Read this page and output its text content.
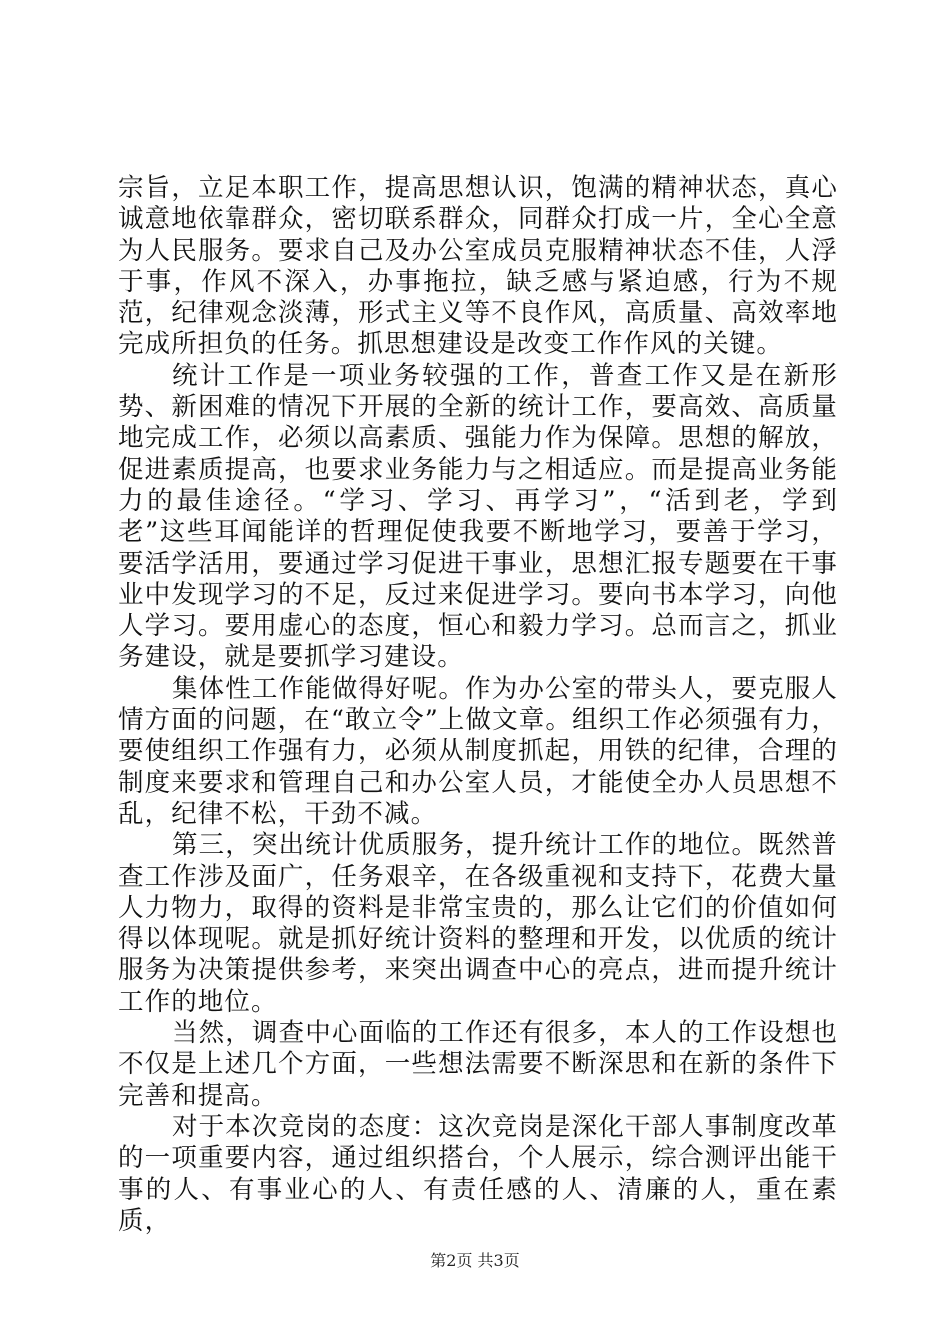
宗旨，立足本职工作，提高思想认识，饱满的精神状态，真心诚意地依靠群众，密切联系群众，同群众打成一片，全心全意为人民服务。要求自己及办公室成员克服精神状态不佳，人浮于事，作风不深入，办事拖拉，缺乏感与紧迫感，行为不规范，纪律观念淡薄，形式主义等不良作风，高质量、高效率地完成所担负的任务。抓思想建设是改变工作作风的关键。

统计工作是一项业务较强的工作，普查工作又是在新形势、新困难的情况下开展的全新的统计工作，要高效、高质量地完成工作，必须以高素质、强能力作为保障。思想的解放，促进素质提高，也要求业务能力与之相适应。而是提高业务能力的最佳途径。“学习、学习、再学习”，“活到老，学到老”这些耳闻能详的哲理促使我要不断地学习，要善于学习，要活学活用，要通过学习促进干事业，思想汇报专题要在干事业中发现学习的不足，反过来促进学习。要向书本学习，向他人学习。要用虚心的态度，恒心和毅力学习。总而言之，抓业务建设，就是要抓学习建设。

集体性工作能做得好呢。作为办公室的带头人，要克服人情方面的问题，在“敢立令”上做文章。组织工作必须强有力，要使组织工作强有力，必须从制度抓起，用铁的纪律，合理的制度来要求和管理自己和办公室人员，才能使全办人员思想不乱，纪律不松，干劲不减。

第三，突出统计优质服务，提升统计工作的地位。既然普查工作涉及面广，任务艰辛，在各级重视和支持下，花费大量人力物力，取得的资料是非常宝贵的，那么让它们的价值如何得以体现呢。就是抓好统计资料的整理和开发，以优质的统计服务为决策提供参考，来突出调查中心的亮点，进而提升统计工作的地位。

当然，调查中心面临的工作还有很多，本人的工作设想也不仅是上述几个方面，一些想法需要不断深思和在新的条件下完善和提高。

对于本次竞岗的态度：这次竞岗是深化干部人事制度改革的一项重要内容，通过组织搭台，个人展示，综合测评出能干事的人、有事业心的人、有责任感的人、清廉的人，重在素质，

第2页 共3页
